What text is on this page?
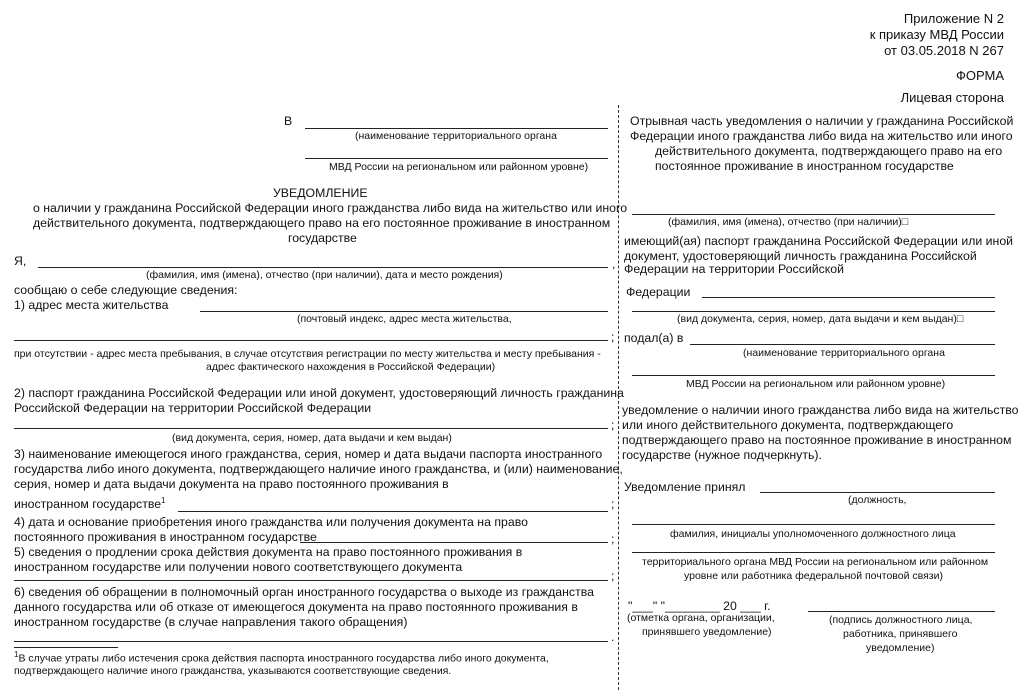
Приложение N 2
к приказу МВД России
от 03.05.2018 N 267
ФОРМА
Лицевая сторона
В
(наименование территориального органа
МВД России на региональном или районном уровне)
УВЕДОМЛЕНИЕ
о наличии у гражданина Российской Федерации иного гражданства либо вида на жительство или иного
действительного документа, подтверждающего право на его постоянное проживание в иностранном
государстве
Я,	,
(фамилия, имя (имена), отчество (при наличии), дата и место рождения)
сообщаю о себе следующие сведения:
1) адрес места жительства
(почтовый индекс, адрес места жительства,
;
при отсутствии - адрес места пребывания, в случае отсутствия регистрации по месту жительства и месту пребывания -
адрес фактического нахождения в Российской Федерации)
2) паспорт гражданина Российской Федерации или иной документ, удостоверяющий личность гражданина
Российской Федерации на территории Российской Федерации
;
(вид документа, серия, номер, дата выдачи и кем выдан)
3) наименование имеющегося иного гражданства, серия, номер и дата выдачи паспорта иностранного
государства либо иного документа, подтверждающего наличие иного гражданства, и (или) наименование,
серия, номер и дата выдачи документа на право постоянного проживания в
иностранном государстве$^1$	;
4) дата и основание приобретения иного гражданства или получения документа на право
постоянного проживания в иностранном государстве	;
5) сведения о продлении срока действия документа на право постоянного проживания в
иностранном государстве или получении нового соответствующего документа
;
6) сведения об обращении в полномочный орган иностранного государства о выходе из гражданства
данного государства или об отказе от имеющегося документа на право постоянного проживания в
иностранном государстве (в случае направления такого обращения)
.
$^1$В случае утраты либо истечения срока действия паспорта иностранного государства либо иного документа,
подтверждающего наличие иного гражданства, указываются соответствующие сведения.
Отрывная часть уведомления о наличии у гражданина Российской
Федерации иного гражданства либо вида на жительство или иного
действительного документа, подтверждающего право на его
постоянное проживание в иностранном государстве
(фамилия, имя (имена), отчество (при наличии)□
имеющий(ая) паспорт гражданина Российской Федерации или иной
документ, удостоверяющий личность гражданина Российской
Федерации на территории Российской
Федерации
(вид документа, серия, номер, дата выдачи и кем выдан)□
подал(а) в
(наименование территориального органа
МВД России на региональном или районном уровне)
уведомление о наличии иного гражданства либо вида на жительство
или иного действительного документа, подтверждающего
подтверждающего право на постоянное проживание в иностранном
государстве (нужное подчеркнуть).
Уведомление принял
(должность,
фамилия, инициалы уполномоченного должностного лица
территориального органа МВД России на региональном или районном
уровне или работника федеральной почтовой связи)
"___" "________ 20 ___ г.
(отметка органа, организации,
принявшего уведомление)
(подпись должностного лица,
работника, принявшего
уведомление)
